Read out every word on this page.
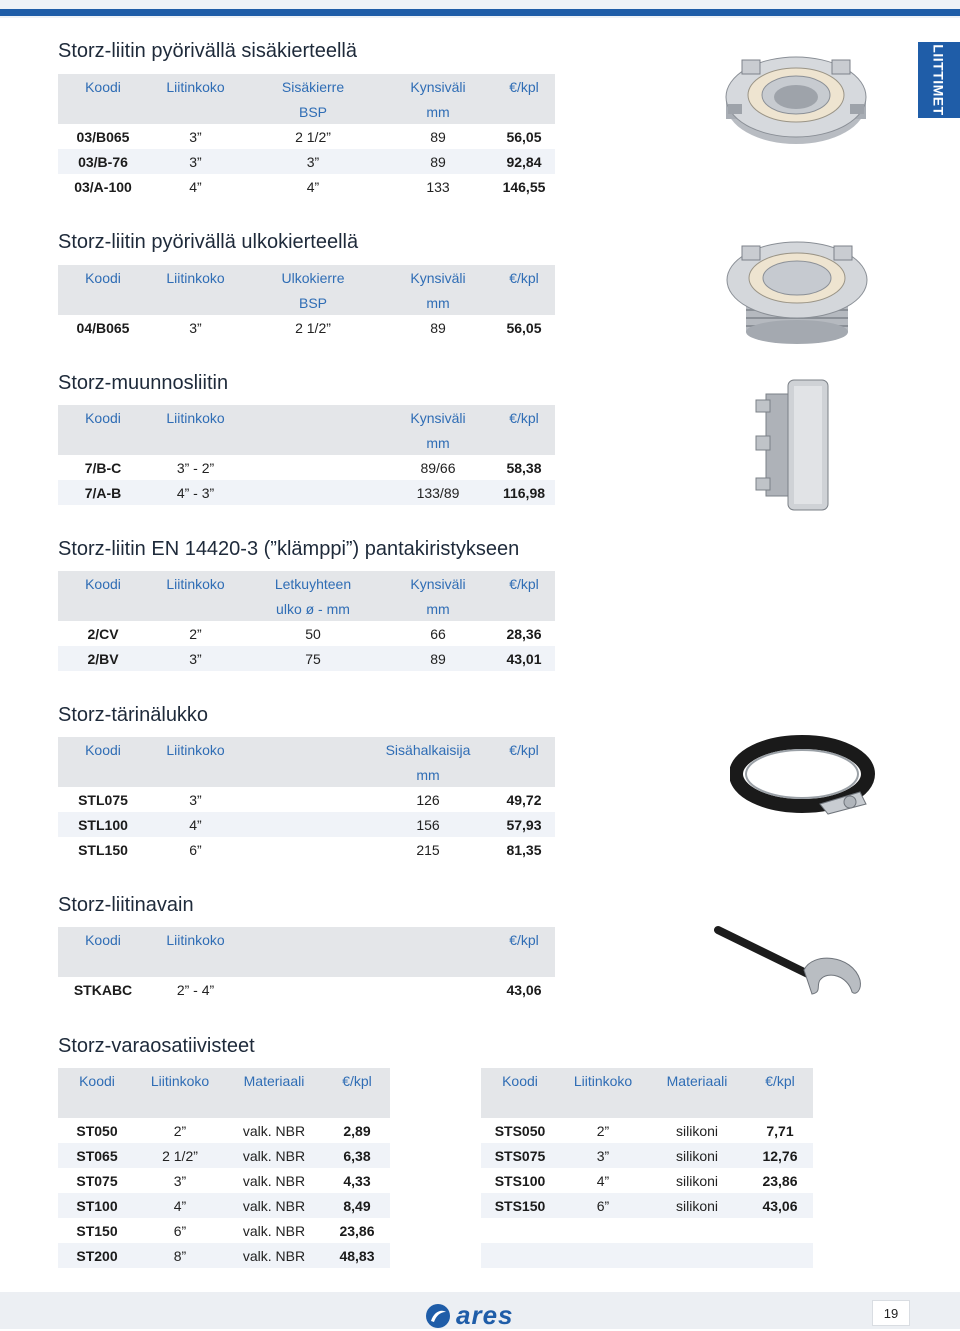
LIITTIMET
Storz-liitin pyörivällä sisäkierteellä
Koodi	Liitinkoko	Sisäkierre	Kynsiväli	€/kpl
		BSP	mm	
03/B065	3”	2 1/2”	89	56,05
03/B-76	3”	3”	89	92,84
03/A-100	4”	4”	133	146,55
Storz-liitin pyörivällä ulkokierteellä
Koodi	Liitinkoko	Ulkokierre	Kynsiväli	€/kpl
		BSP	mm	
04/B065	3”	2 1/2”	89	56,05
Storz-muunnosliitin
Koodi	Liitinkoko		Kynsiväli	€/kpl
			mm	
7/B-C	3” - 2”		89/66	58,38
7/A-B	4” - 3”		133/89	116,98
Storz-liitin EN 14420-3 (”klämppi”) pantakiristykseen
Koodi	Liitinkoko	Letkuyhteen	Kynsiväli	€/kpl
		ulko ø - mm	mm	
2/CV	2”	50	66	28,36
2/BV	3”	75	89	43,01
Storz-tärinälukko
Koodi	Liitinkoko		Sisähalkaisija	€/kpl
			mm	
STL075	3”		126	49,72
STL100	4”		156	57,93
STL150	6”		215	81,35
Storz-liitinavain
Koodi	Liitinkoko			€/kpl

STKABC	2” - 4”			43,06
Storz-varaosatiivisteet
Koodi	Liitinkoko	Materiaali	€/kpl

ST050	2”	valk. NBR	2,89
ST065	2 1/2”	valk. NBR	6,38
ST075	3”	valk. NBR	4,33
ST100	4”	valk. NBR	8,49
ST150	6”	valk. NBR	23,86
ST200	8”	valk. NBR	48,83
Koodi	Liitinkoko	Materiaali	€/kpl

STS050	2”	silikoni	7,71
STS075	3”	silikoni	12,76
STS100	4”	silikoni	23,86
STS150	6”	silikoni	43,06

ares	19
